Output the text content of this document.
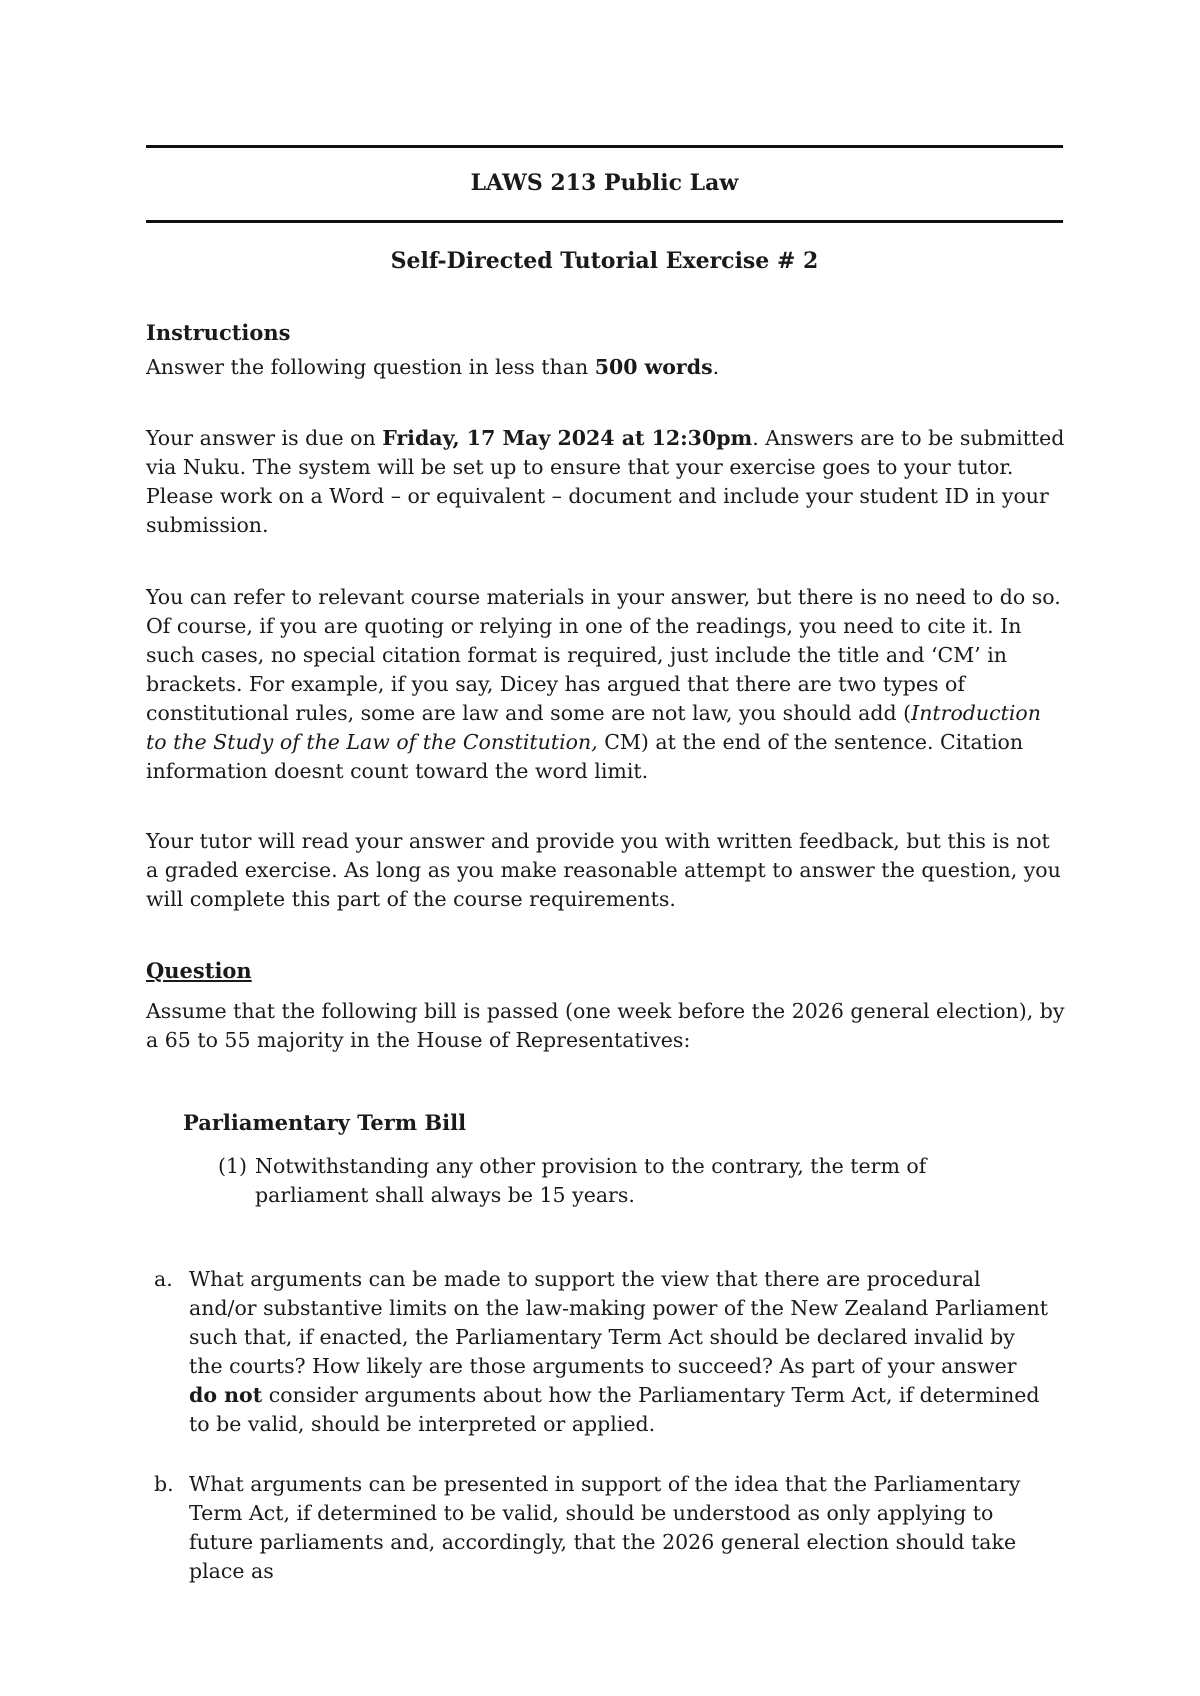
LAWS 213 Public Law
Self-Directed Tutorial Exercise # 2
Instructions
Answer the following question in less than 500 words.
Your answer is due on Friday, 17 May 2024 at 12:30pm. Answers are to be submitted via Nuku. The system will be set up to ensure that your exercise goes to your tutor. Please work on a Word – or equivalent – document and include your student ID in your submission.
You can refer to relevant course materials in your answer, but there is no need to do so. Of course, if you are quoting or relying in one of the readings, you need to cite it. In such cases, no special citation format is required, just include the title and ‘CM’ in brackets. For example, if you say, Dicey has argued that there are two types of constitutional rules, some are law and some are not law, you should add (Introduction to the Study of the Law of the Constitution, CM) at the end of the sentence. Citation information doesnt count toward the word limit.
Your tutor will read your answer and provide you with written feedback, but this is not a graded exercise. As long as you make reasonable attempt to answer the question, you will complete this part of the course requirements.
Question
Assume that the following bill is passed (one week before the 2026 general election), by a 65 to 55 majority in the House of Representatives:
Parliamentary Term Bill
(1) Notwithstanding any other provision to the contrary, the term of parliament shall always be 15 years.
a. What arguments can be made to support the view that there are procedural and/or substantive limits on the law-making power of the New Zealand Parliament such that, if enacted, the Parliamentary Term Act should be declared invalid by the courts? How likely are those arguments to succeed? As part of your answer do not consider arguments about how the Parliamentary Term Act, if determined to be valid, should be interpreted or applied.
b. What arguments can be presented in support of the idea that the Parliamentary Term Act, if determined to be valid, should be understood as only applying to future parliaments and, accordingly, that the 2026 general election should take place as
